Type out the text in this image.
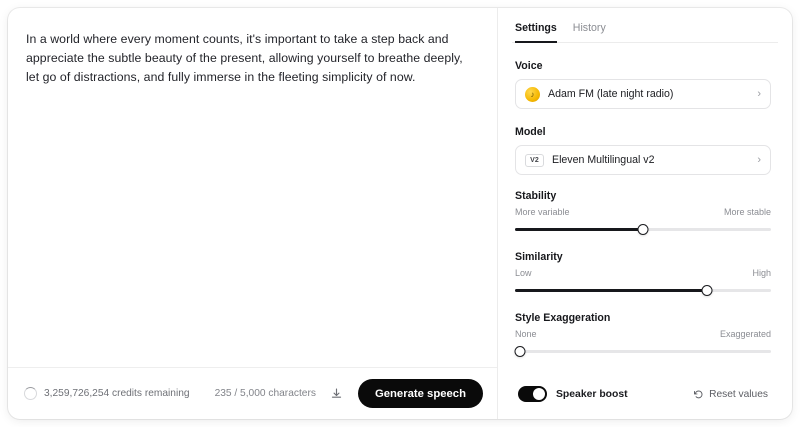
In a world where every moment counts, it's important to take a step back and appreciate the subtle beauty of the present, allowing yourself to breathe deeply, let go of distractions, and fully immerse in the fleeting simplicity of now.
3,259,726,254 credits remaining 235 / 5,000 characters	Generate speech
Settings History
Voice
♪	Adam FM (late night radio)	›
Model
V2	Eleven Multilingual v2	›
Stability
More variable	More stable
Similarity
Low	High
Style Exaggeration
None	Exaggerated
Speaker boost	Reset values
